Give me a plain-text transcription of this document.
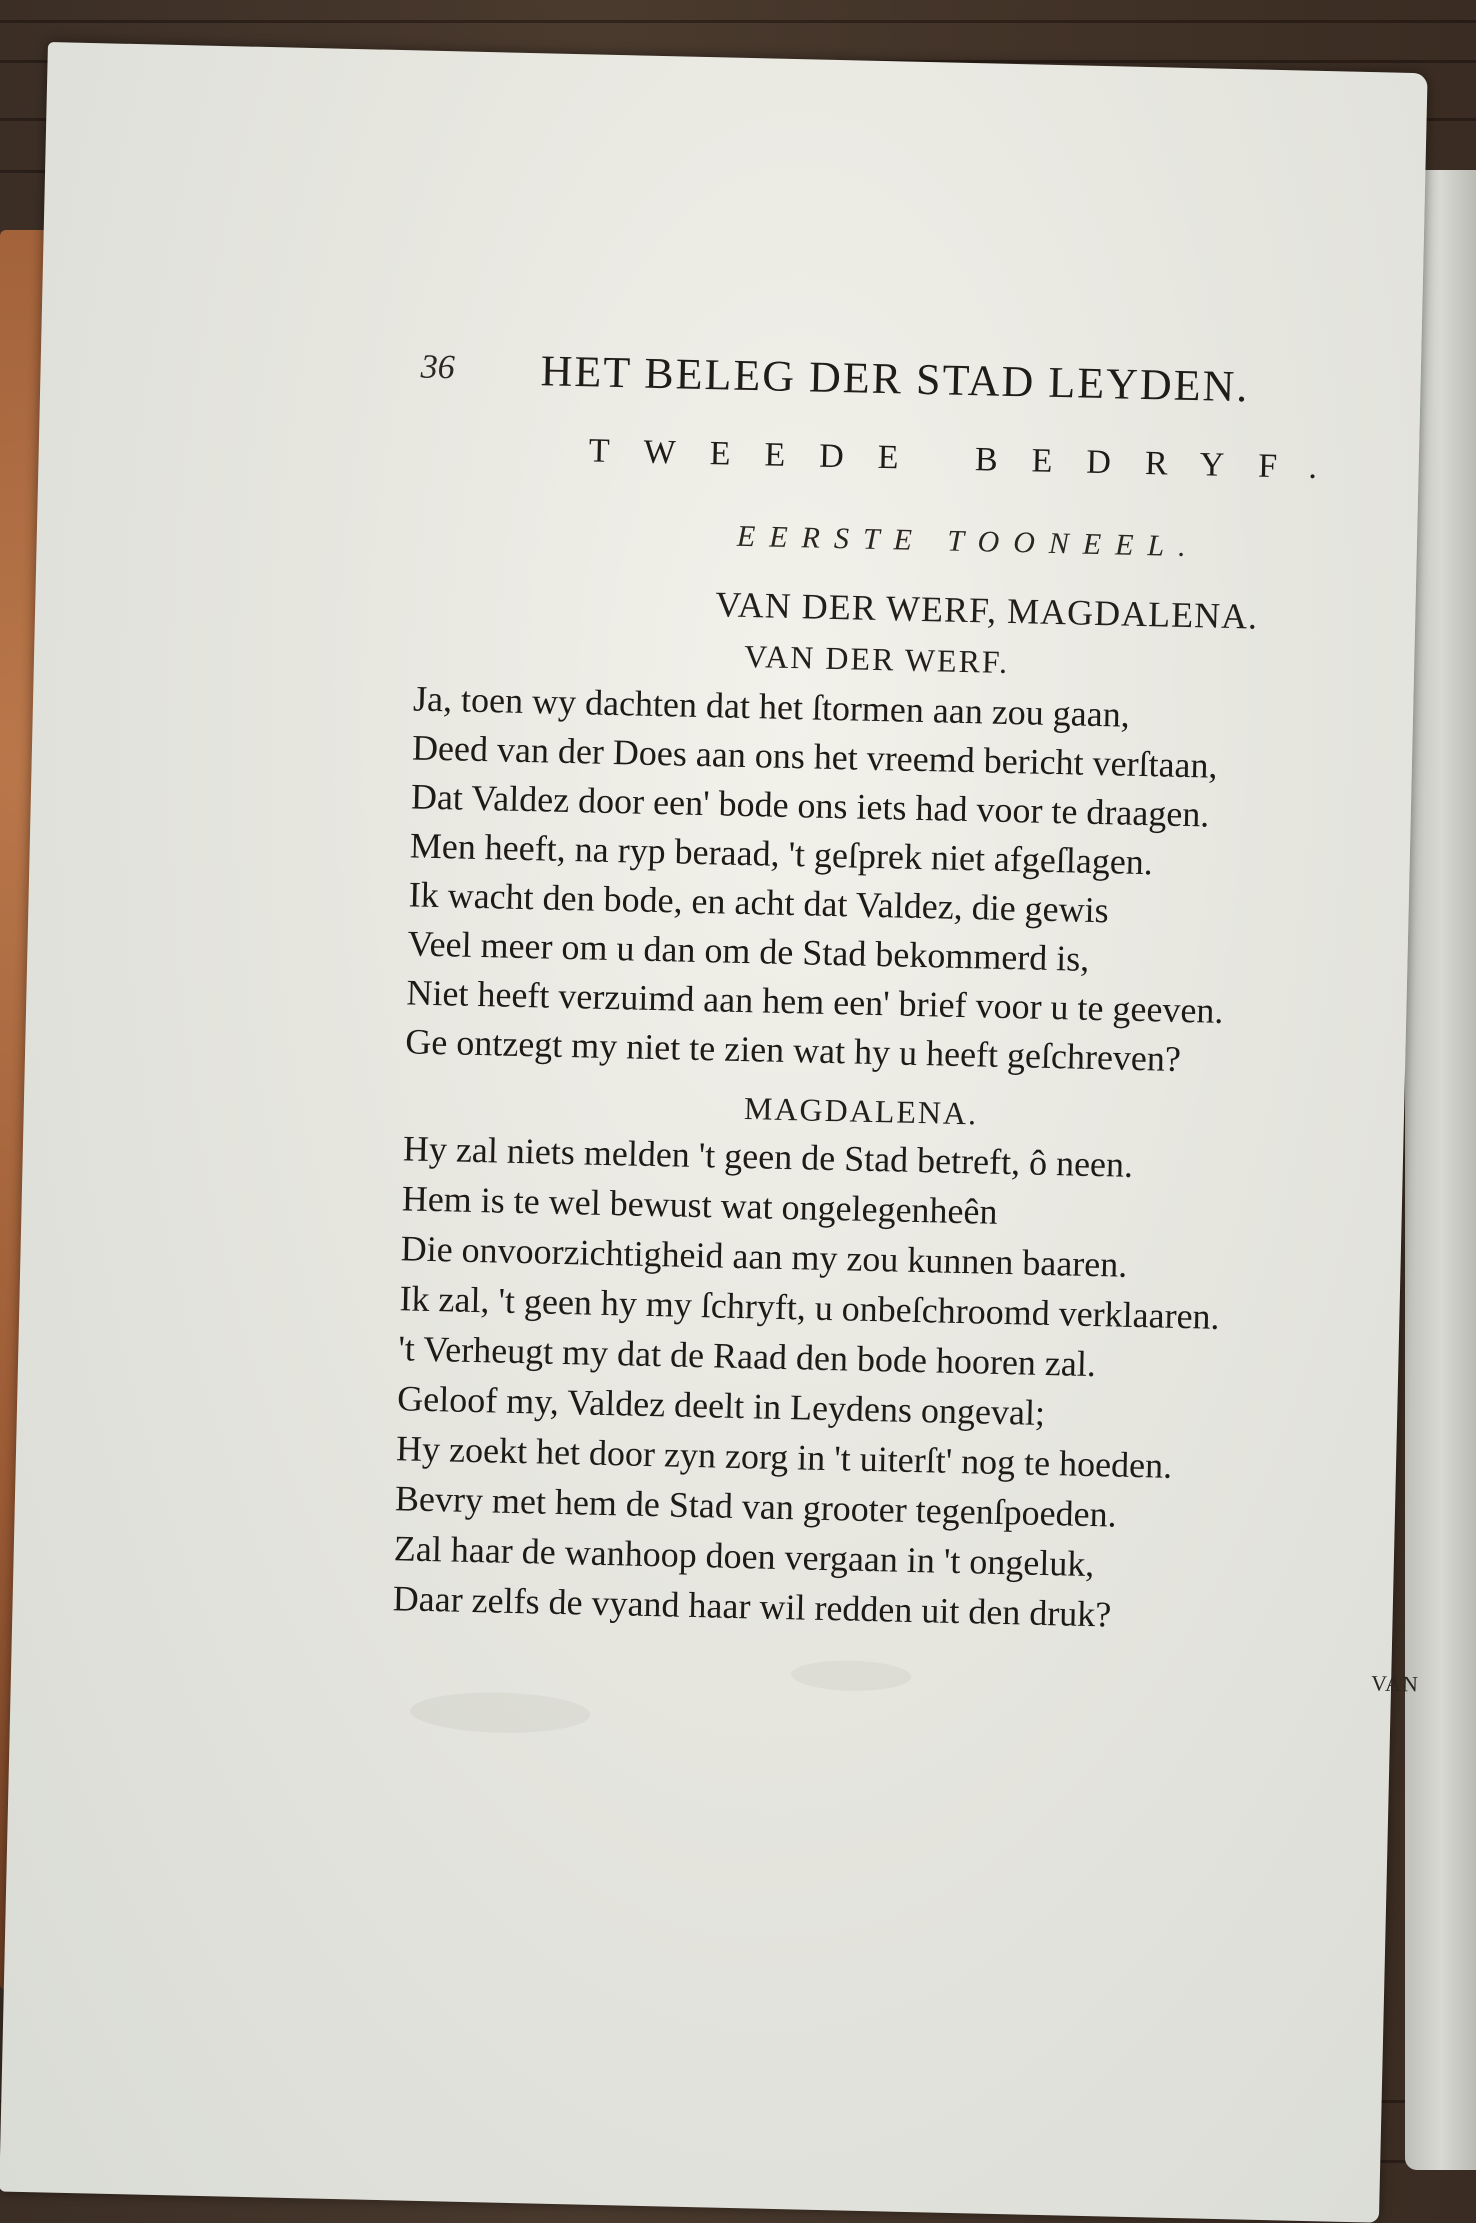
36 HET BELEG DER STAD LEYDEN.
TWEEDE BEDRYF.
EERSTE TOONEEL.
VAN DER WERF, MAGDALENA.
VAN DER WERF.
Ja, toen wy dachten dat het ſtormen aan zou gaan,
Deed van der Does aan ons het vreemd bericht verſtaan,
Dat Valdez door een' bode ons iets had voor te draagen.
Men heeft, na ryp beraad, 't geſprek niet afgeſlagen.
Ik wacht den bode, en acht dat Valdez, die gewis
Veel meer om u dan om de Stad bekommerd is,
Niet heeft verzuimd aan hem een' brief voor u te geeven.
Ge ontzegt my niet te zien wat hy u heeft geſchreven?
MAGDALENA.
Hy zal niets melden 't geen de Stad betreft, ô neen.
Hem is te wel bewust wat ongelegenheên
Die onvoorzichtigheid aan my zou kunnen baaren.
Ik zal, 't geen hy my ſchryft, u onbeſchroomd verklaaren.
't Verheugt my dat de Raad den bode hooren zal.
Geloof my, Valdez deelt in Leydens ongeval;
Hy zoekt het door zyn zorg in 't uiterſt' nog te hoeden.
Bevry met hem de Stad van grooter tegenſpoeden.
Zal haar de wanhoop doen vergaan in 't ongeluk,
Daar zelfs de vyand haar wil redden uit den druk?
VAN
